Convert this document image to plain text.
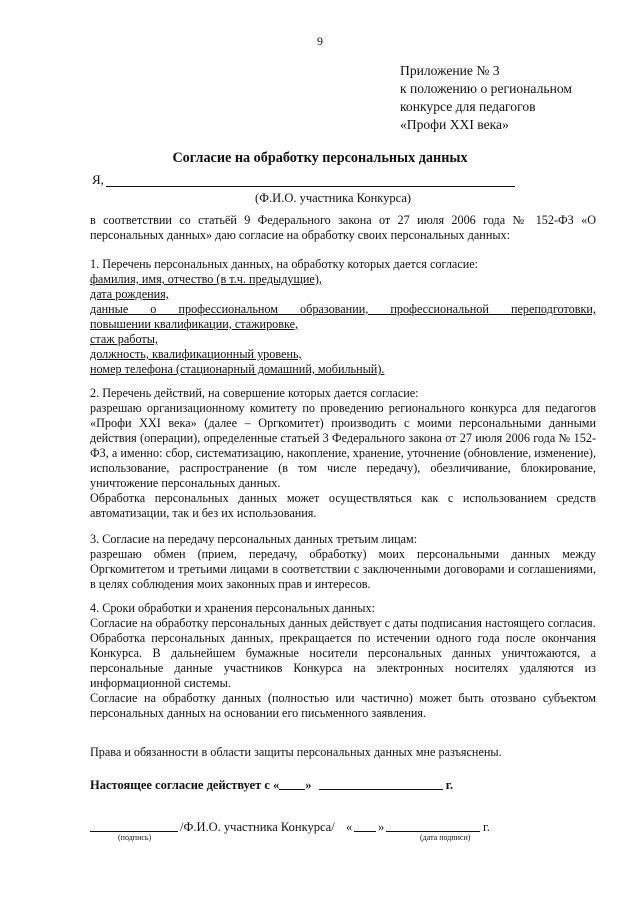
9
Приложение № 3
к положению о региональном
конкурсе для педагогов
«Профи XXI века»
Согласие на обработку персональных данных
Я,
(Ф.И.О. участника Конкурса)

в соответствии со статьёй 9 Федерального закона от 27 июля 2006 года № 152-ФЗ «О персональных данных» даю согласие на обработку своих персональных данных:

1. Перечень персональных данных, на обработку которых дается согласие:

фамилия, имя, отчество (в т.ч. предыдущие),
дата рождения,
данные о профессиональном образовании, профессиональной переподготовки,
повышении квалификации, стажировке,
стаж работы,
должность, квалификационный уровень,
номер телефона (стационарный домашний, мобильный).

2. Перечень действий, на совершение которых дается согласие:

разрешаю организационному комитету по проведению регионального конкурса для педагогов «Профи XXI века» (далее – Оргкомитет) производить с моими персональными данными действия (операции), определенные статьей 3 Федерального закона от 27 июля 2006 года № 152-ФЗ, а именно: сбор, систематизацию, накопление, хранение, уточнение (обновление, изменение), использование, распространение (в том числе передачу), обезличивание, блокирование, уничтожение персональных данных.

Обработка персональных данных может осуществляться как с использованием средств автоматизации, так и без их использования.

3. Согласие на передачу персональных данных третьим лицам:

разрешаю обмен (прием, передачу, обработку) моих персональными данных между Оргкомитетом и третьими лицами в соответствии с заключенными договорами и соглашениями, в целях соблюдения моих законных прав и интересов.

4. Сроки обработки и хранения персональных данных:

Согласие на обработку персональных данных действует с даты подписания настоящего согласия.

Обработка персональных данных, прекращается по истечении одного года после окончания Конкурса. В дальнейшем бумажные носители персональных данных уничтожаются, а персональные данные участников Конкурса на электронных носителях удаляются из информационной системы.

Согласие на обработку данных (полностью или частично) может быть отозвано субъектом персональных данных на основании его письменного заявления.

Права и обязанности в области защиты персональных данных мне разъяснены.

Настоящее согласие действует с « »	г.
/Ф.И.О. участника Конкурса/ « »	г.
(подпись)	(дата подписи)
